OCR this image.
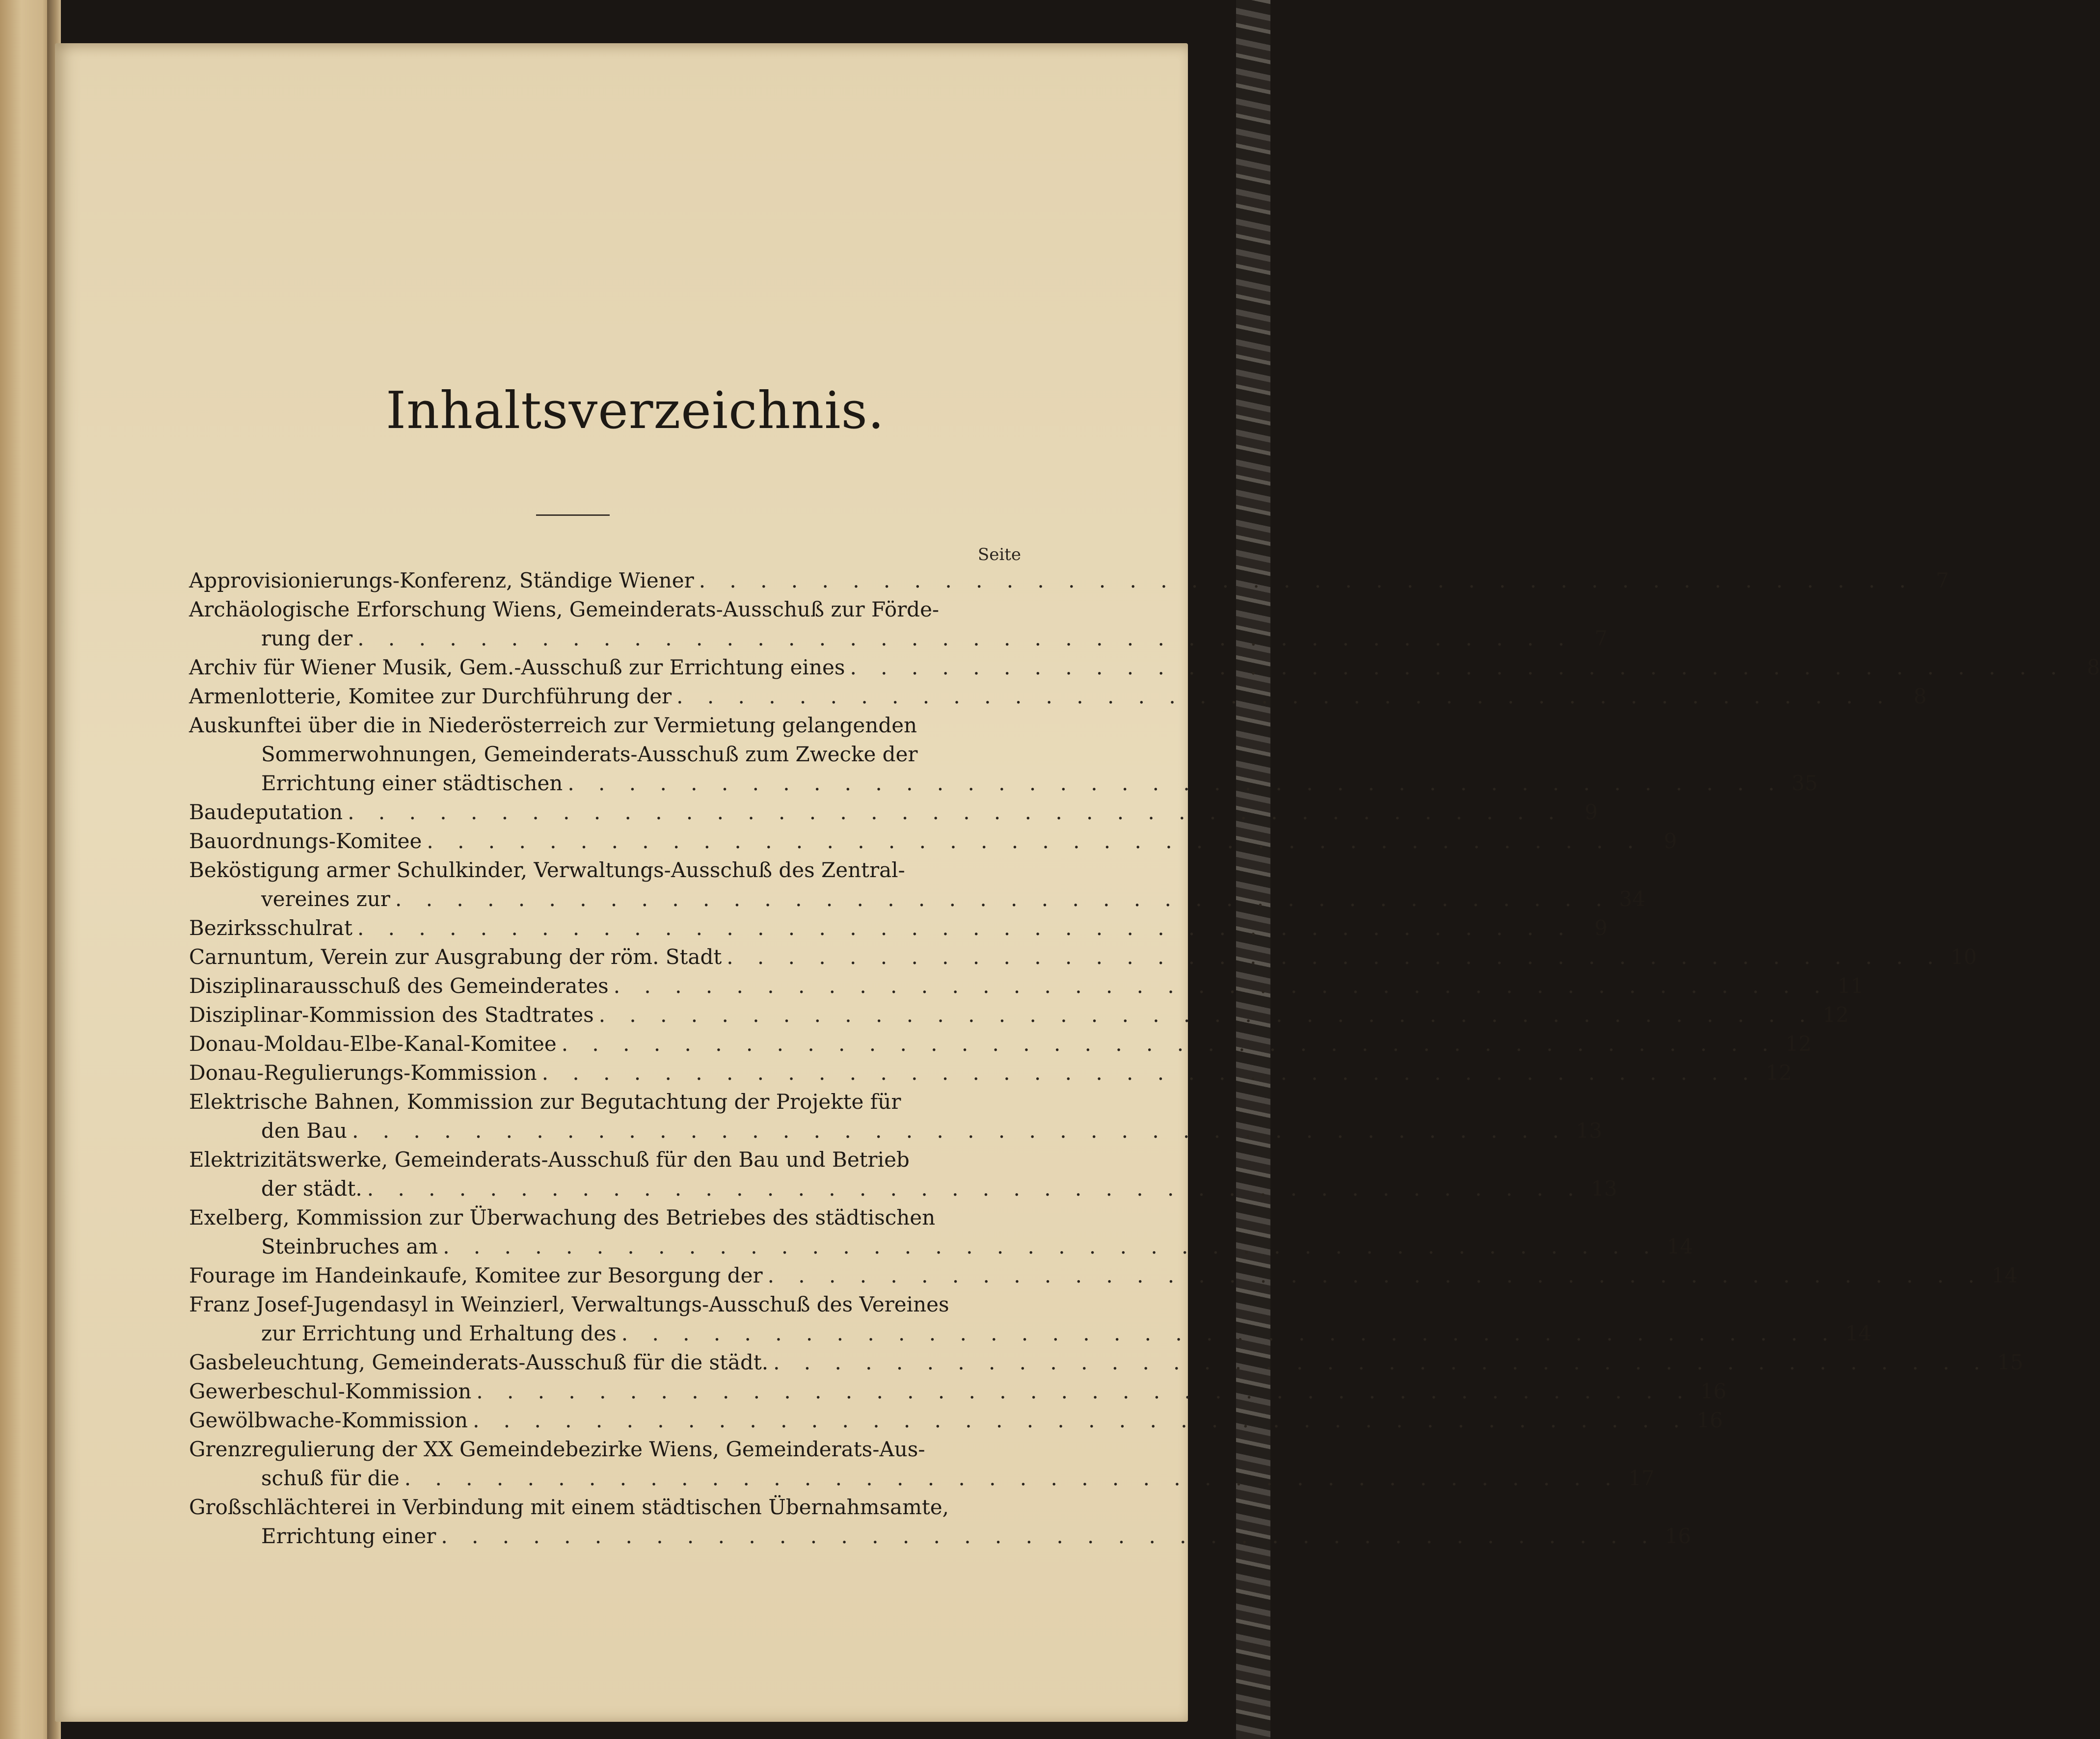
Inhaltsverzeichnis.
Seite
Approvisionierungs-Konferenz, Ständige Wiener . . . . . . . . . . . . . . . . . . . . . . . . . . . . . . . . . . . . . . . .	7
Archäologische Erforschung Wiens, Gemeinderats-Ausschuß zur Förde-
rung der . . . . . . . . . . . . . . . . . . . . . . . . . . . . . . . . . . . . . . . .	7
Archiv für Wiener Musik, Gem.-Ausschuß zur Errichtung eines . . . . . . . . . . . . . . . . . . . . . . . . . . . . . . . . . . . . . . . .	8
Armenlotterie, Komitee zur Durchführung der . . . . . . . . . . . . . . . . . . . . . . . . . . . . . . . . . . . . . . . .	8
Auskunftei über die in Niederösterreich zur Vermietung gelangenden
Sommerwohnungen, Gemeinderats-Ausschuß zum Zwecke der
Errichtung einer städtischen . . . . . . . . . . . . . . . . . . . . . . . . . . . . . . . . . . . . . . . . 35
Baudeputation . . . . . . . . . . . . . . . . . . . . . . . . . . . . . . . . . . . . . . . .	9
Bauordnungs-Komitee . . . . . . . . . . . . . . . . . . . . . . . . . . . . . . . . . . . . . . . .	9
Beköstigung armer Schulkinder, Verwaltungs-Ausschuß des Zentral-
vereines zur . . . . . . . . . . . . . . . . . . . . . . . . . . . . . . . . . . . . . . . . 34
Bezirksschulrat . . . . . . . . . . . . . . . . . . . . . . . . . . . . . . . . . . . . . . . .	9
Carnuntum, Verein zur Ausgrabung der röm. Stadt . . . . . . . . . . . . . . . . . . . . . . . . . . . . . . . . . . . . . . . . 10
Disziplinarausschuß des Gemeinderates . . . . . . . . . . . . . . . . . . . . . . . . . . . . . . . . . . . . . . . . 11
Disziplinar-Kommission des Stadtrates . . . . . . . . . . . . . . . . . . . . . . . . . . . . . . . . . . . . . . . . 12
Donau-Moldau-Elbe-Kanal-Komitee . . . . . . . . . . . . . . . . . . . . . . . . . . . . . . . . . . . . . . . . 12
Donau-Regulierungs-Kommission . . . . . . . . . . . . . . . . . . . . . . . . . . . . . . . . . . . . . . . . 12
Elektrische Bahnen, Kommission zur Begutachtung der Projekte für
den Bau . . . . . . . . . . . . . . . . . . . . . . . . . . . . . . . . . . . . . . . . 13
Elektrizitätswerke, Gemeinderats-Ausschuß für den Bau und Betrieb
der städt. . . . . . . . . . . . . . . . . . . . . . . . . . . . . . . . . . . . . . . . . 13
Exelberg, Kommission zur Überwachung des Betriebes des städtischen
Steinbruches am . . . . . . . . . . . . . . . . . . . . . . . . . . . . . . . . . . . . . . . . 14
Fourage im Handeinkaufe, Komitee zur Besorgung der . . . . . . . . . . . . . . . . . . . . . . . . . . . . . . . . . . . . . . . . 14
Franz Josef-Jugendasyl in Weinzierl, Verwaltungs-Ausschuß des Vereines
zur Errichtung und Erhaltung des . . . . . . . . . . . . . . . . . . . . . . . . . . . . . . . . . . . . . . . . 14
Gasbeleuchtung, Gemeinderats-Ausschuß für die städt. . . . . . . . . . . . . . . . . . . . . . . . . . . . . . . . . . . . . . . . . 15
Gewerbeschul-Kommission . . . . . . . . . . . . . . . . . . . . . . . . . . . . . . . . . . . . . . . . 16
Gewölbwache-Kommission . . . . . . . . . . . . . . . . . . . . . . . . . . . . . . . . . . . . . . . . 16
Grenzregulierung der XX Gemeindebezirke Wiens, Gemeinderats-Aus-
schuß für die . . . . . . . . . . . . . . . . . . . . . . . . . . . . . . . . . . . . . . . . 17
Großschlächterei in Verbindung mit einem städtischen Übernahmsamte,
Errichtung einer . . . . . . . . . . . . . . . . . . . . . . . . . . . . . . . . . . . . . . . . 16
